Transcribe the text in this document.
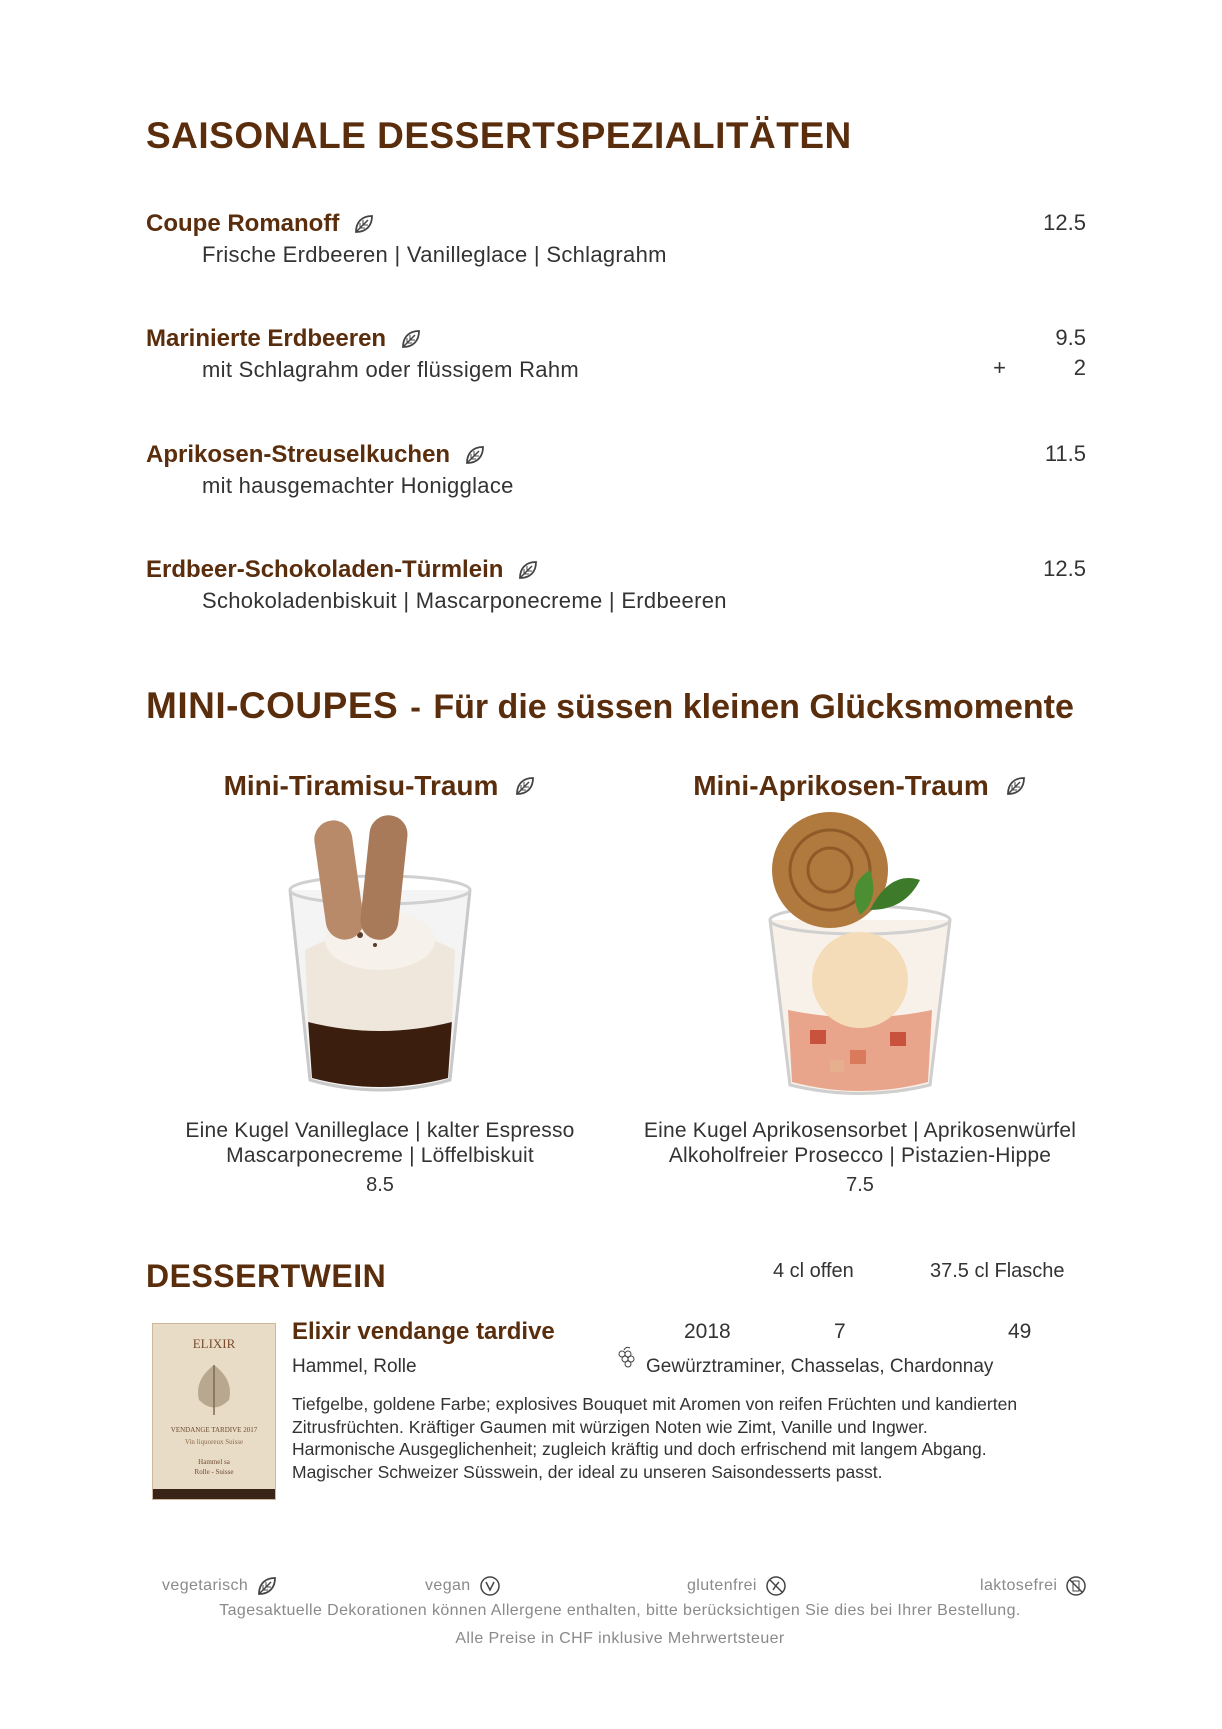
SAISONALE DESSERTSPEZIALITÄTEN
Coupe Romanoff
Frische Erdbeeren | Vanilleglace | Schlagrahm
12.5
Marinierte Erdbeeren
mit Schlagrahm oder flüssigem Rahm
9.5
+	2
Aprikosen-Streuselkuchen
mit hausgemachter Honigglace
11.5
Erdbeer-Schokoladen-Türmlein
Schokoladenbiskuit | Mascarponecreme | Erdbeeren
12.5
MINI-COUPES - Für die süssen kleinen Glücksmomente
Mini-Tiramisu-Traum
Eine Kugel Vanilleglace | kalter Espresso
Mascarponecreme | Löffelbiskuit
8.5
Mini-Aprikosen-Traum
Eine Kugel Aprikosensorbet | Aprikosenwürfel
Alkoholfreier Prosecco | Pistazien-Hippe
7.5
DESSERTWEIN	4 cl offen	37.5 cl Flasche
ELIXIR
VENDANGE TARDIVE 2017
Vin liquoreux Suisse
Hammel sa
Rolle - Suisse
Elixir vendange tardive	2018	7	49
Hammel, Rolle	Gewürztraminer, Chasselas, Chardonnay
Tiefgelbe, goldene Farbe; explosives Bouquet mit Aromen von reifen Früchten und kandierten Zitrusfrüchten. Kräftiger Gaumen mit würzigen Noten wie Zimt, Vanille und Ingwer. Harmonische Ausgeglichenheit; zugleich kräftig und doch erfrischend mit langem Abgang. Magischer Schweizer Süsswein, der ideal zu unseren Saisondesserts passt.
vegetarisch	vegan	glutenfrei	laktosefrei
Tagesaktuelle Dekorationen können Allergene enthalten, bitte berücksichtigen Sie dies bei Ihrer Bestellung.
Alle Preise in CHF inklusive Mehrwertsteuer
